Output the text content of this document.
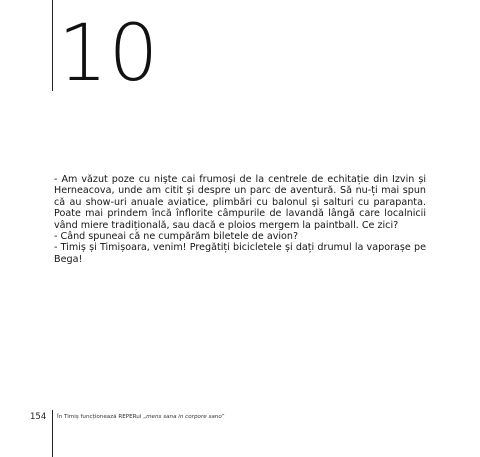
10

- Am văzut poze cu niște cai frumoși de la centrele de echitație din Izvin și Herneacova, unde am citit și despre un parc de aventură. Să nu-ți mai spun că au show-uri anuale aviatice, plimbări cu balonul și salturi cu parapanta. Poate mai prindem încă înflorite câmpurile de lavandă lângă care localnicii vând miere tradițională, sau dacă e ploios mergem la paintball. Ce zici?

- Când spuneai că ne cumpărăm biletele de avion?

- Timiș și Timișoara, venim! Pregătiți bicicletele și dați drumul la vaporașe pe Bega!

154 În Timiș funcționează REPERul „mens sana in corpore sano”
